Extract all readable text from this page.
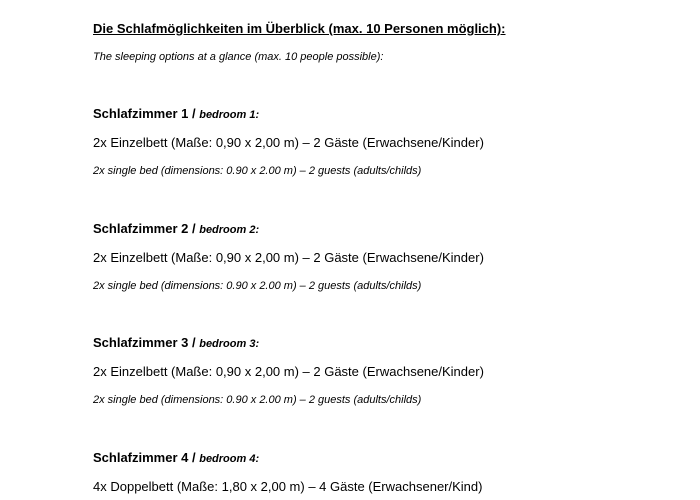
Die Schlafmöglichkeiten im Überblick (max. 10 Personen möglich):
The sleeping options at a glance (max. 10 people possible):
Schlafzimmer 1 / bedroom 1:
2x Einzelbett (Maße: 0,90 x 2,00 m) – 2 Gäste (Erwachsene/Kinder)
2x single bed (dimensions: 0.90 x 2.00 m) – 2 guests (adults/childs)
Schlafzimmer 2 / bedroom 2:
2x Einzelbett (Maße: 0,90 x 2,00 m) – 2 Gäste (Erwachsene/Kinder)
2x single bed (dimensions: 0.90 x 2.00 m) – 2 guests (adults/childs)
Schlafzimmer 3 / bedroom 3:
2x Einzelbett (Maße: 0,90 x 2,00 m) – 2 Gäste (Erwachsene/Kinder)
2x single bed (dimensions: 0.90 x 2.00 m) – 2 guests (adults/childs)
Schlafzimmer 4 / bedroom 4:
4x Doppelbett (Maße: 1,80 x 2,00 m) – 4 Gäste (Erwachsener/Kind)
